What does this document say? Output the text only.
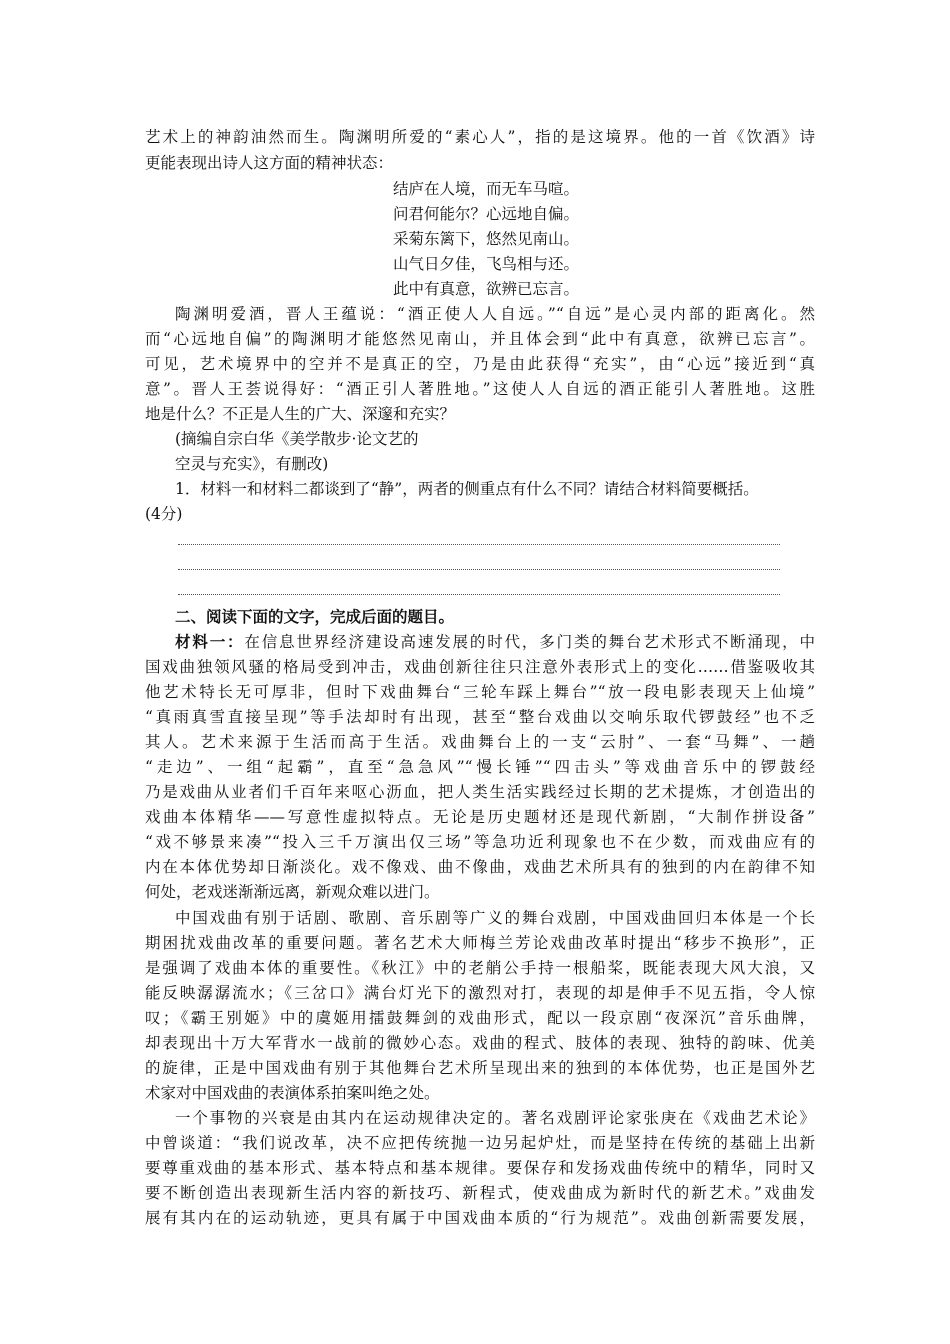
艺术上的神韵油然而生。陶渊明所爱的“素心人”，指的是这境界。他的一首《饮酒》诗
更能表现出诗人这方面的精神状态：
结庐在人境，而无车马喧。
问君何能尔？心远地自偏。
采菊东篱下，悠然见南山。
山气日夕佳，飞鸟相与还。
此中有真意，欲辨已忘言。
陶渊明爱酒，晋人王蕴说：“酒正使人人自远。”“自远”是心灵内部的距离化。然
而“心远地自偏”的陶渊明才能悠然见南山，并且体会到“此中有真意，欲辨已忘言”。
可见，艺术境界中的空并不是真正的空，乃是由此获得“充实”，由“心远”接近到“真
意”。晋人王荟说得好：“酒正引人著胜地。”这使人人自远的酒正能引人著胜地。这胜
地是什么？不正是人生的广大、深邃和充实？
(摘编自宗白华《美学散步·论文艺的
空灵与充实》，有删改)
1．材料一和材料二都谈到了“静”，两者的侧重点有什么不同？请结合材料简要概括。
(4分)
二、阅读下面的文字，完成后面的题目。
材料一：在信息世界经济建设高速发展的时代，多门类的舞台艺术形式不断涌现，中
国戏曲独领风骚的格局受到冲击，戏曲创新往往只注意外表形式上的变化……借鉴吸收其
他艺术特长无可厚非，但时下戏曲舞台“三轮车踩上舞台”“放一段电影表现天上仙境”
“真雨真雪直接呈现”等手法却时有出现，甚至“整台戏曲以交响乐取代锣鼓经”也不乏
其人。艺术来源于生活而高于生活。戏曲舞台上的一支“云肘”、一套“马舞”、一趟
“走边”、一组“起霸”，直至“急急风”“慢长锤”“四击头”等戏曲音乐中的锣鼓经
乃是戏曲从业者们千百年来呕心沥血，把人类生活实践经过长期的艺术提炼，才创造出的
戏曲本体精华——写意性虚拟特点。无论是历史题材还是现代新剧，“大制作拼设备”
“戏不够景来凑”“投入三千万演出仅三场”等急功近利现象也不在少数，而戏曲应有的
内在本体优势却日渐淡化。戏不像戏、曲不像曲，戏曲艺术所具有的独到的内在韵律不知
何处，老戏迷渐渐远离，新观众难以进门。
中国戏曲有别于话剧、歌剧、音乐剧等广义的舞台戏剧，中国戏曲回归本体是一个长
期困扰戏曲改革的重要问题。著名艺术大师梅兰芳论戏曲改革时提出“移步不换形”，正
是强调了戏曲本体的重要性。《秋江》中的老艄公手持一根船桨，既能表现大风大浪，又
能反映潺潺流水；《三岔口》满台灯光下的激烈对打，表现的却是伸手不见五指，令人惊
叹；《霸王别姬》中的虞姬用擂鼓舞剑的戏曲形式，配以一段京剧“夜深沉”音乐曲牌，
却表现出十万大军背水一战前的微妙心态。戏曲的程式、肢体的表现、独特的韵味、优美
的旋律，正是中国戏曲有别于其他舞台艺术所呈现出来的独到的本体优势，也正是国外艺
术家对中国戏曲的表演体系拍案叫绝之处。
一个事物的兴衰是由其内在运动规律决定的。著名戏剧评论家张庚在《戏曲艺术论》
中曾谈道：“我们说改革，决不应把传统抛一边另起炉灶，而是坚持在传统的基础上出新
要尊重戏曲的基本形式、基本特点和基本规律。要保存和发扬戏曲传统中的精华，同时又
要不断创造出表现新生活内容的新技巧、新程式，使戏曲成为新时代的新艺术。”戏曲发
展有其内在的运动轨迹，更具有属于中国戏曲本质的“行为规范”。戏曲创新需要发展，
